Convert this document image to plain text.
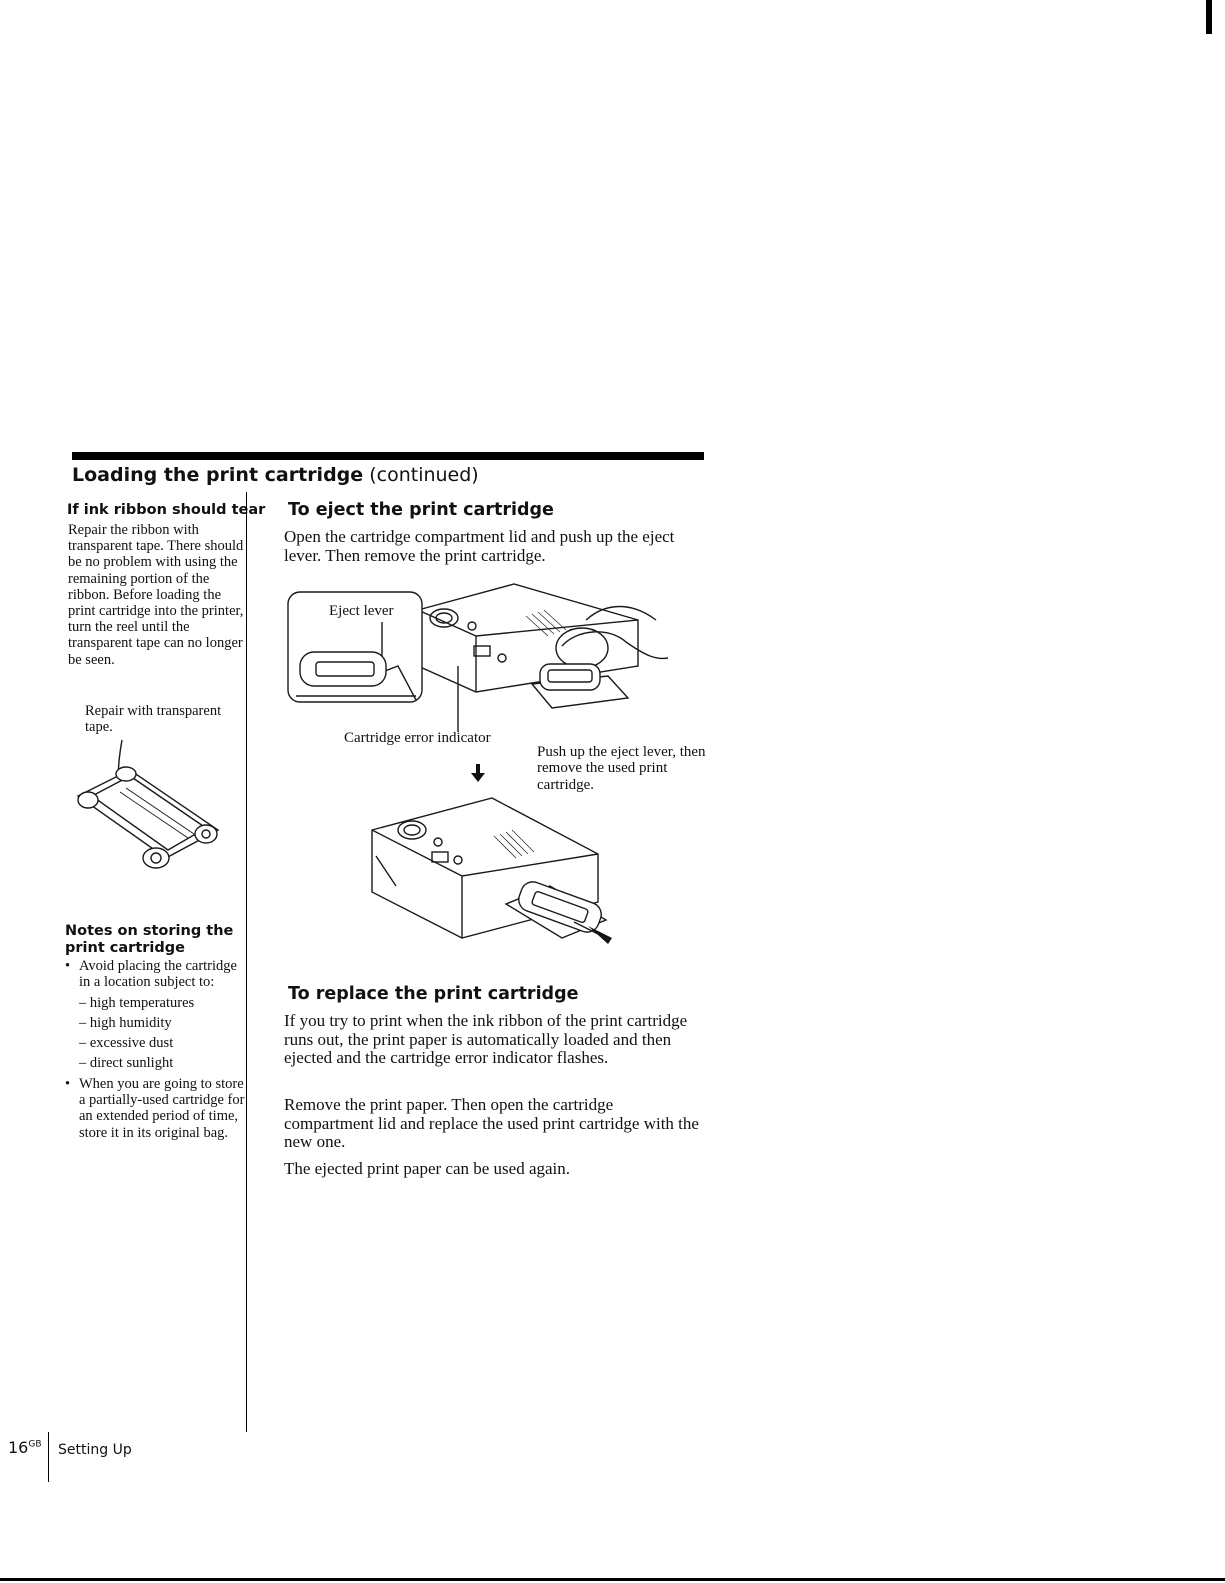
Loading the print cartridge (continued)
If ink ribbon should tear
Repair the ribbon with transparent tape. There should be no problem with using the remaining portion of the ribbon. Before loading the print cartridge into the printer, turn the reel until the transparent tape can no longer be seen.
Repair with transparent tape.
Notes on storing the print cartridge
• Avoid placing the cartridge in a location subject to:
– high temperatures
– high humidity
– excessive dust
– direct sunlight
• When you are going to store a partially-used cartridge for an extended period of time, store it in its original bag.
To eject the print cartridge
Open the cartridge compartment lid and push up the eject lever. Then remove the print cartridge.
Eject lever
Cartridge error indicator
Push up the eject lever, then remove the used print cartridge.
To replace the print cartridge
If you try to print when the ink ribbon of the print cartridge runs out, the print paper is automatically loaded and then ejected and the cartridge error indicator flashes.
Remove the print paper. Then open the cartridge compartment lid and replace the used print cartridge with the new one.
The ejected print paper can be used again.
$16^{GB}$ Setting Up
